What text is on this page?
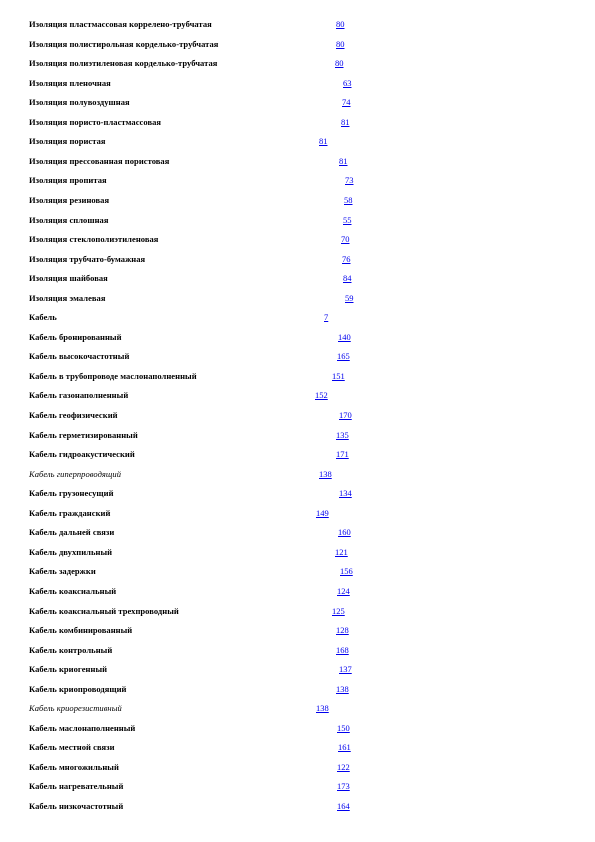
Изоляция пластмассовая коррелено-трубчатая	80
Изоляция полистирольная корделько-трубчатая	80
Изоляция полиэтиленовая корделько-трубчатая	80
Изоляция пленочная	63
Изоляция полувоздушная	74
Изоляция пористо-пластмассовая	81
Изоляция пористая	81
Изоляция прессованная пористовая	81
Изоляция пропитая	73
Изоляция резиновая	58
Изоляция сплошная	55
Изоляция стеклополиэтиленовая	70
Изоляция трубчато-бумажная	76
Изоляция шайбовая	84
Изоляция эмалевая	59
Кабель	7
Кабель бронированный	140
Кабель высокочастотный	165
Кабель в трубопроводе маслонаполненный	151
Кабель газонаполненный	152
Кабель геофизический	170
Кабель герметизированный	135
Кабель гидроакустический	171
Кабель гиперпроводящий	138
Кабель грузонесущий	134
Кабель гражданский	149
Кабель дальней связи	160
Кабель двухпильный	121
Кабель задержки	156
Кабель коаксиальный	124
Кабель коаксиальный трехпроводный	125
Кабель комбинированный	128
Кабель контрольный	168
Кабель криогенный	137
Кабель криопроводящий	138
Кабель криорезистивный	138
Кабель маслонаполненный	150
Кабель местной связи	161
Кабель многожильный	122
Кабель нагревательный	173
Кабель низкочастотный	164
